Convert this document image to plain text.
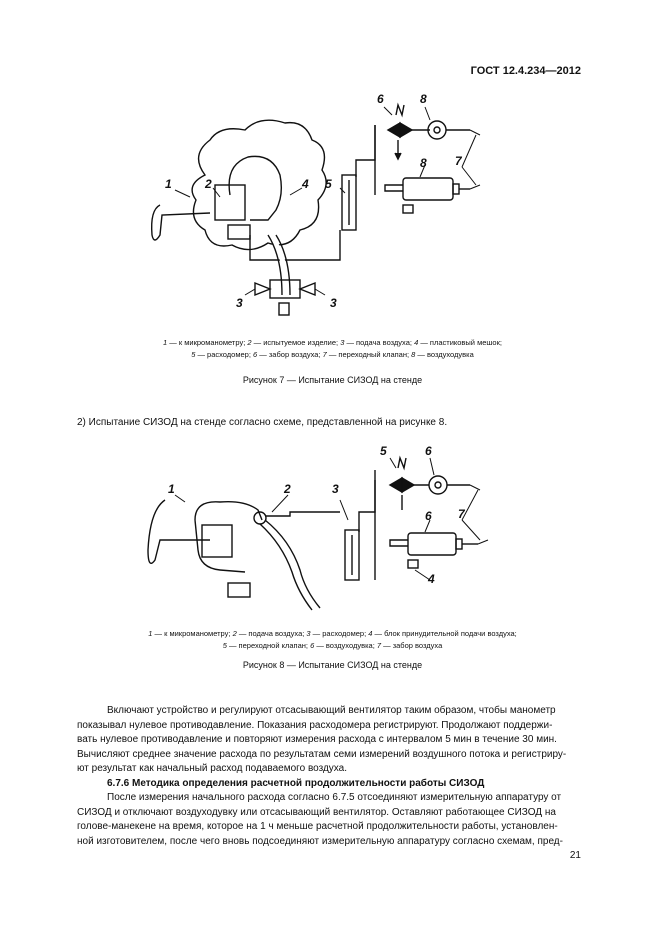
ГОСТ 12.4.234—2012
1	2
3	3
4 5
6
7
8
8
1 — к микроманометру; 2 — испытуемое изделие; 3 — подача воздуха; 4 — пластиковый мешок;
5 — расходомер; 6 — забор воздуха; 7 — переходный клапан; 8 — воздуходувка
Рисунок 7 — Испытание СИЗОД на стенде
2) Испытание СИЗОД на стенде согласно схеме, представленной на рисунке 8.
1	2	3
4
5	6
6 7
1 — к микроманометру; 2 — подача воздуха; 3 — расходомер; 4 — блок принудительной подачи воздуха;
5 — переходной клапан; 6 — воздуходувка; 7 — забор воздуха
Рисунок 8 — Испытание СИЗОД на стенде

Включают устройство и регулируют отсасывающий вентилятор таким образом, чтобы манометр

показывал нулевое противодавление. Показания расходомера регистрируют. Продолжают поддержи-

вать нулевое противодавление и повторяют измерения расхода с интервалом 5 мин в течение 30 мин.

Вычисляют среднее значение расхода по результатам семи измерений воздушного потока и регистриру-

ют результат как начальный расход подаваемого воздуха.

6.7.6 Методика определения расчетной продолжительности работы СИЗОД

После измерения начального расхода согласно 6.7.5 отсоединяют измерительную аппаратуру от

СИЗОД и отключают воздуходувку или отсасывающий вентилятор. Оставляют работающее СИЗОД на

голове-манекене на время, которое на 1 ч меньше расчетной продолжительности работы, установлен-

ной изготовителем, после чего вновь подсоединяют измерительную аппаратуру согласно схемам, пред-

21
